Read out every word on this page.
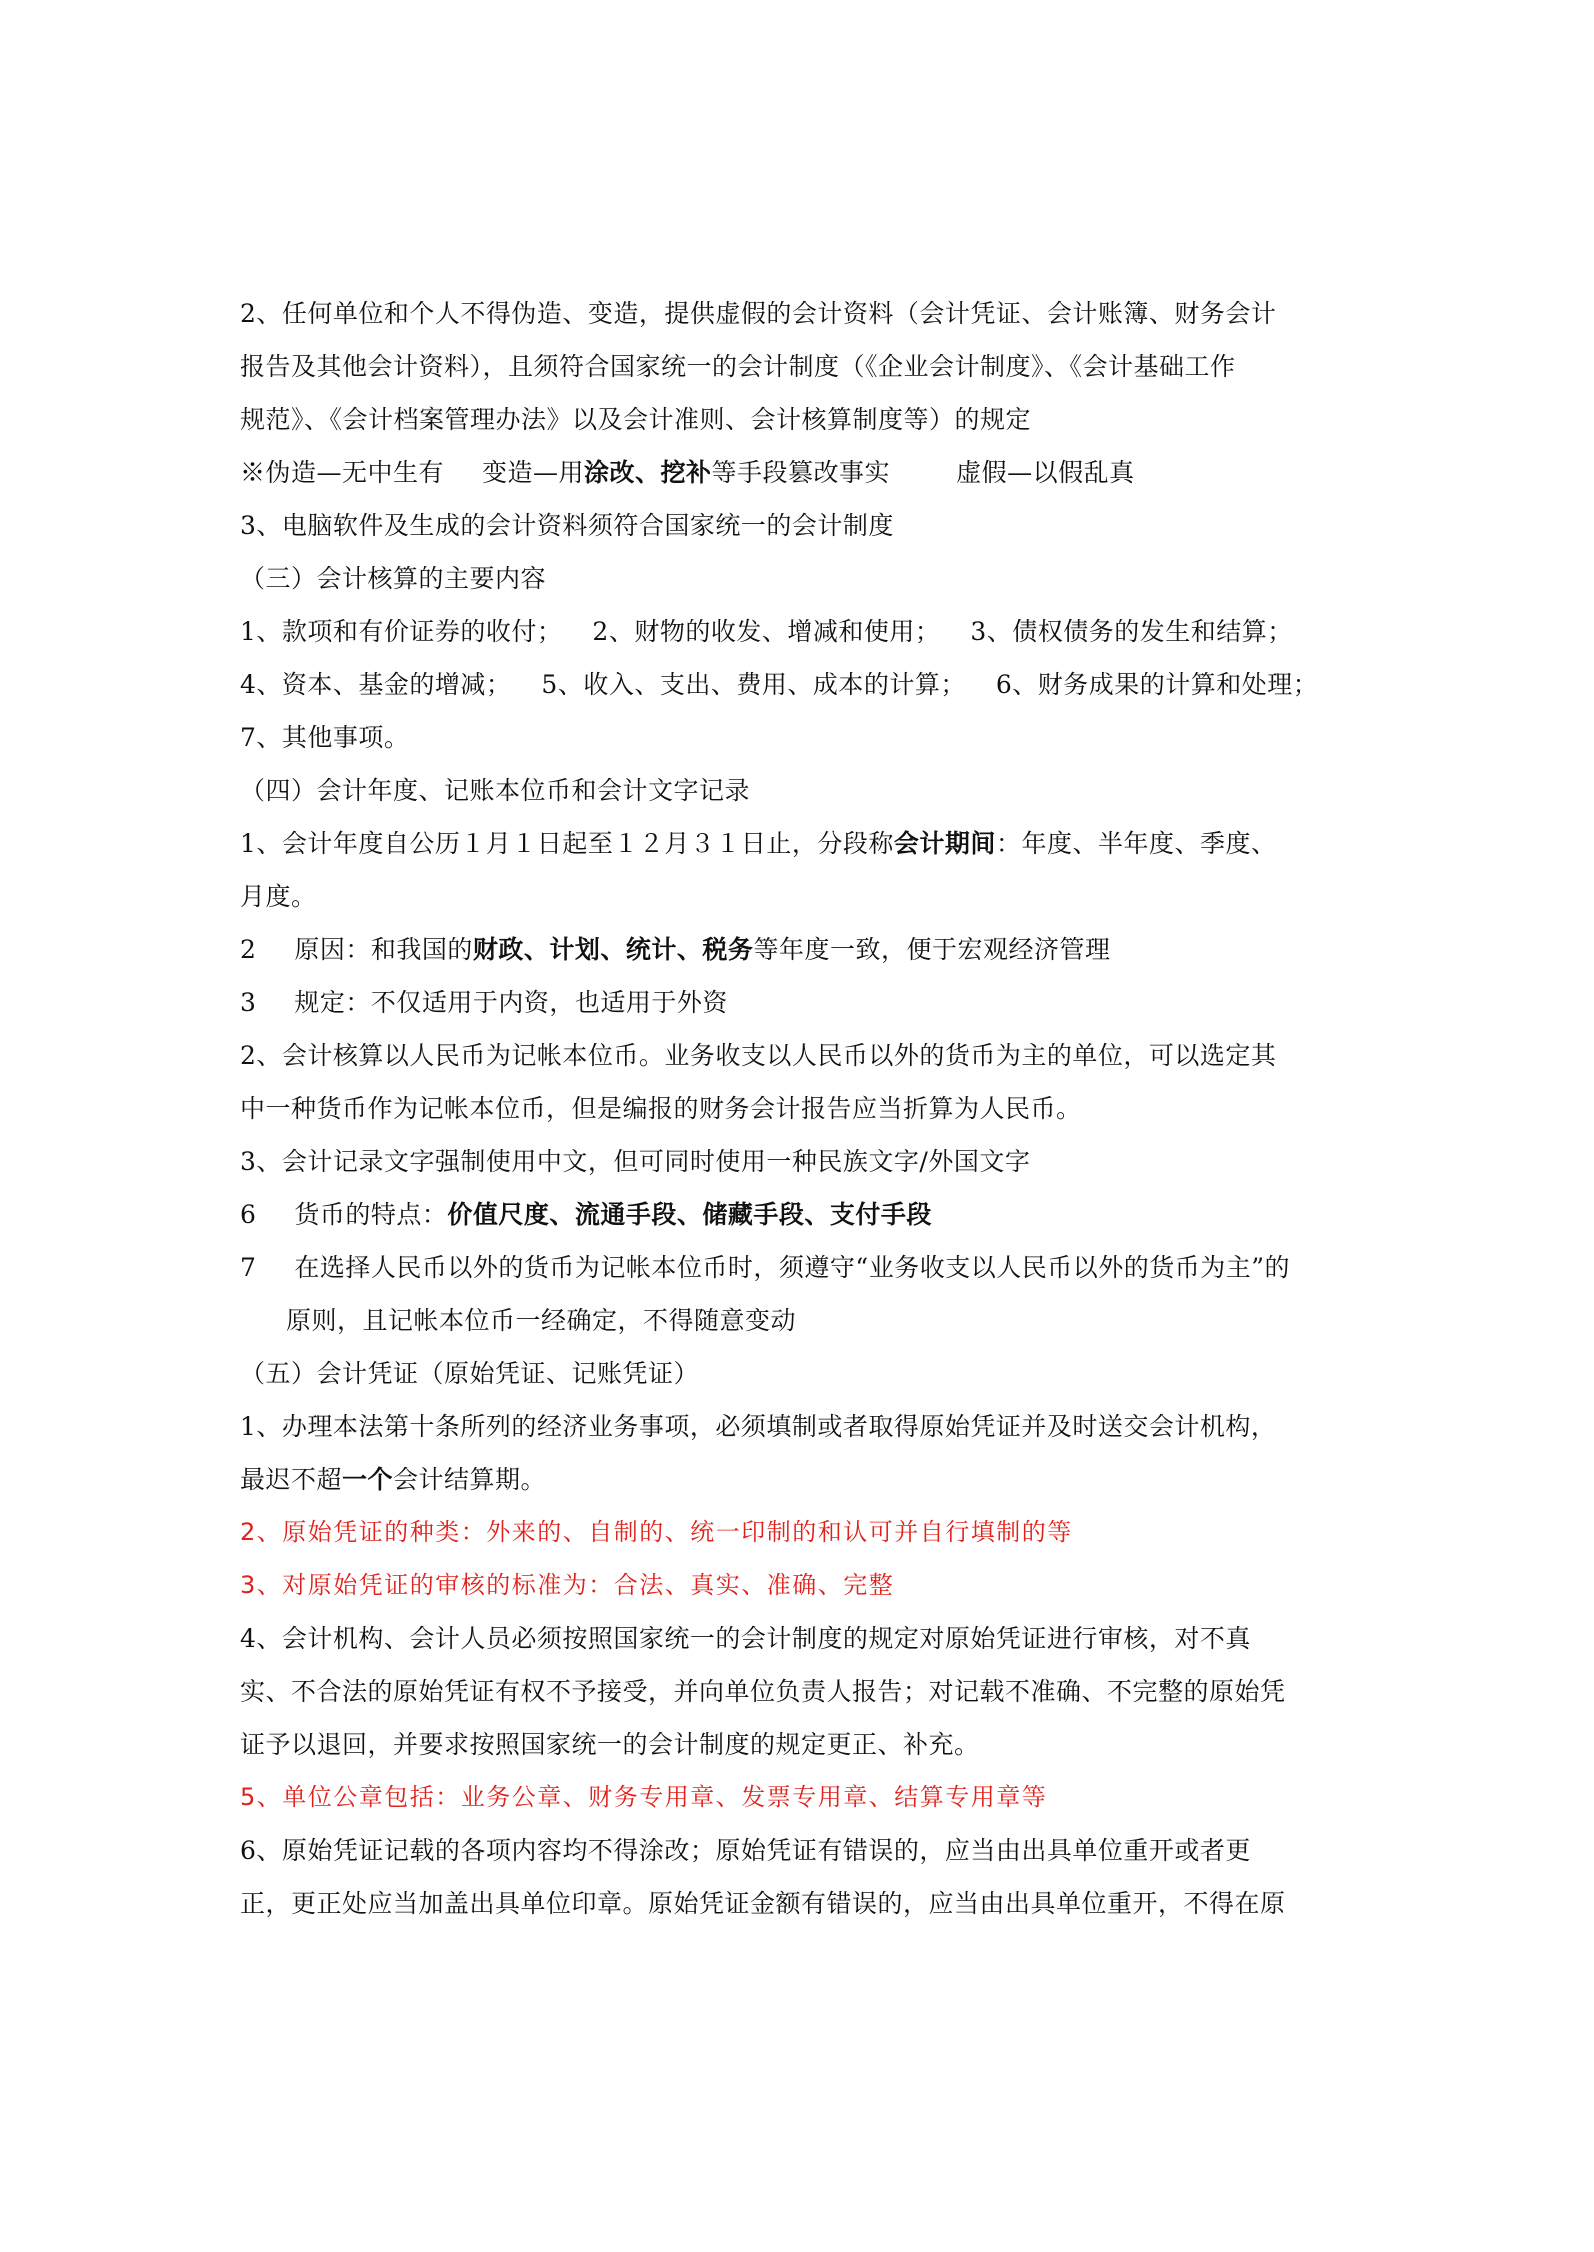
2、任何单位和个人不得伪造、变造，提供虚假的会计资料（会计凭证、会计账簿、财务会计
报告及其他会计资料），且须符合国家统一的会计制度（《企业会计制度》、《会计基础工作
规范》、《会计档案管理办法》以及会计准则、会计核算制度等）的规定
※伪造—无中生有 变造—用涂改、挖补等手段篡改事实	虚假—以假乱真
3、电脑软件及生成的会计资料须符合国家统一的会计制度
（三）会计核算的主要内容
1、款项和有价证券的收付； 2、财物的收发、增减和使用； 3、债权债务的发生和结算；
4、资本、基金的增减； 5、收入、支出、费用、成本的计算； 6、财务成果的计算和处理；
7、其他事项。
（四）会计年度、记账本位币和会计文字记录
1、会计年度自公历１月１日起至１２月３１日止，分段称会计期间：年度、半年度、季度、
月度。
2 原因：和我国的财政、计划、统计、税务等年度一致，便于宏观经济管理
3 规定：不仅适用于内资，也适用于外资
2、会计核算以人民币为记帐本位币。业务收支以人民币以外的货币为主的单位，可以选定其
中一种货币作为记帐本位币，但是编报的财务会计报告应当折算为人民币。
3、会计记录文字强制使用中文，但可同时使用一种民族文字/外国文字
6 货币的特点：价值尺度、流通手段、储藏手段、支付手段
7 在选择人民币以外的货币为记帐本位币时，须遵守“业务收支以人民币以外的货币为主”的
原则，且记帐本位币一经确定，不得随意变动
（五）会计凭证（原始凭证、记账凭证）
1、办理本法第十条所列的经济业务事项，必须填制或者取得原始凭证并及时送交会计机构，
最迟不超一个会计结算期。
2、原始凭证的种类：外来的、自制的、统一印制的和认可并自行填制的等
3、对原始凭证的审核的标准为：合法、真实、准确、完整
4、会计机构、会计人员必须按照国家统一的会计制度的规定对原始凭证进行审核，对不真
实、不合法的原始凭证有权不予接受，并向单位负责人报告；对记载不准确、不完整的原始凭
证予以退回，并要求按照国家统一的会计制度的规定更正、补充。
5、单位公章包括：业务公章、财务专用章、发票专用章、结算专用章等
6、原始凭证记载的各项内容均不得涂改；原始凭证有错误的，应当由出具单位重开或者更
正，更正处应当加盖出具单位印章。原始凭证金额有错误的，应当由出具单位重开，不得在原
